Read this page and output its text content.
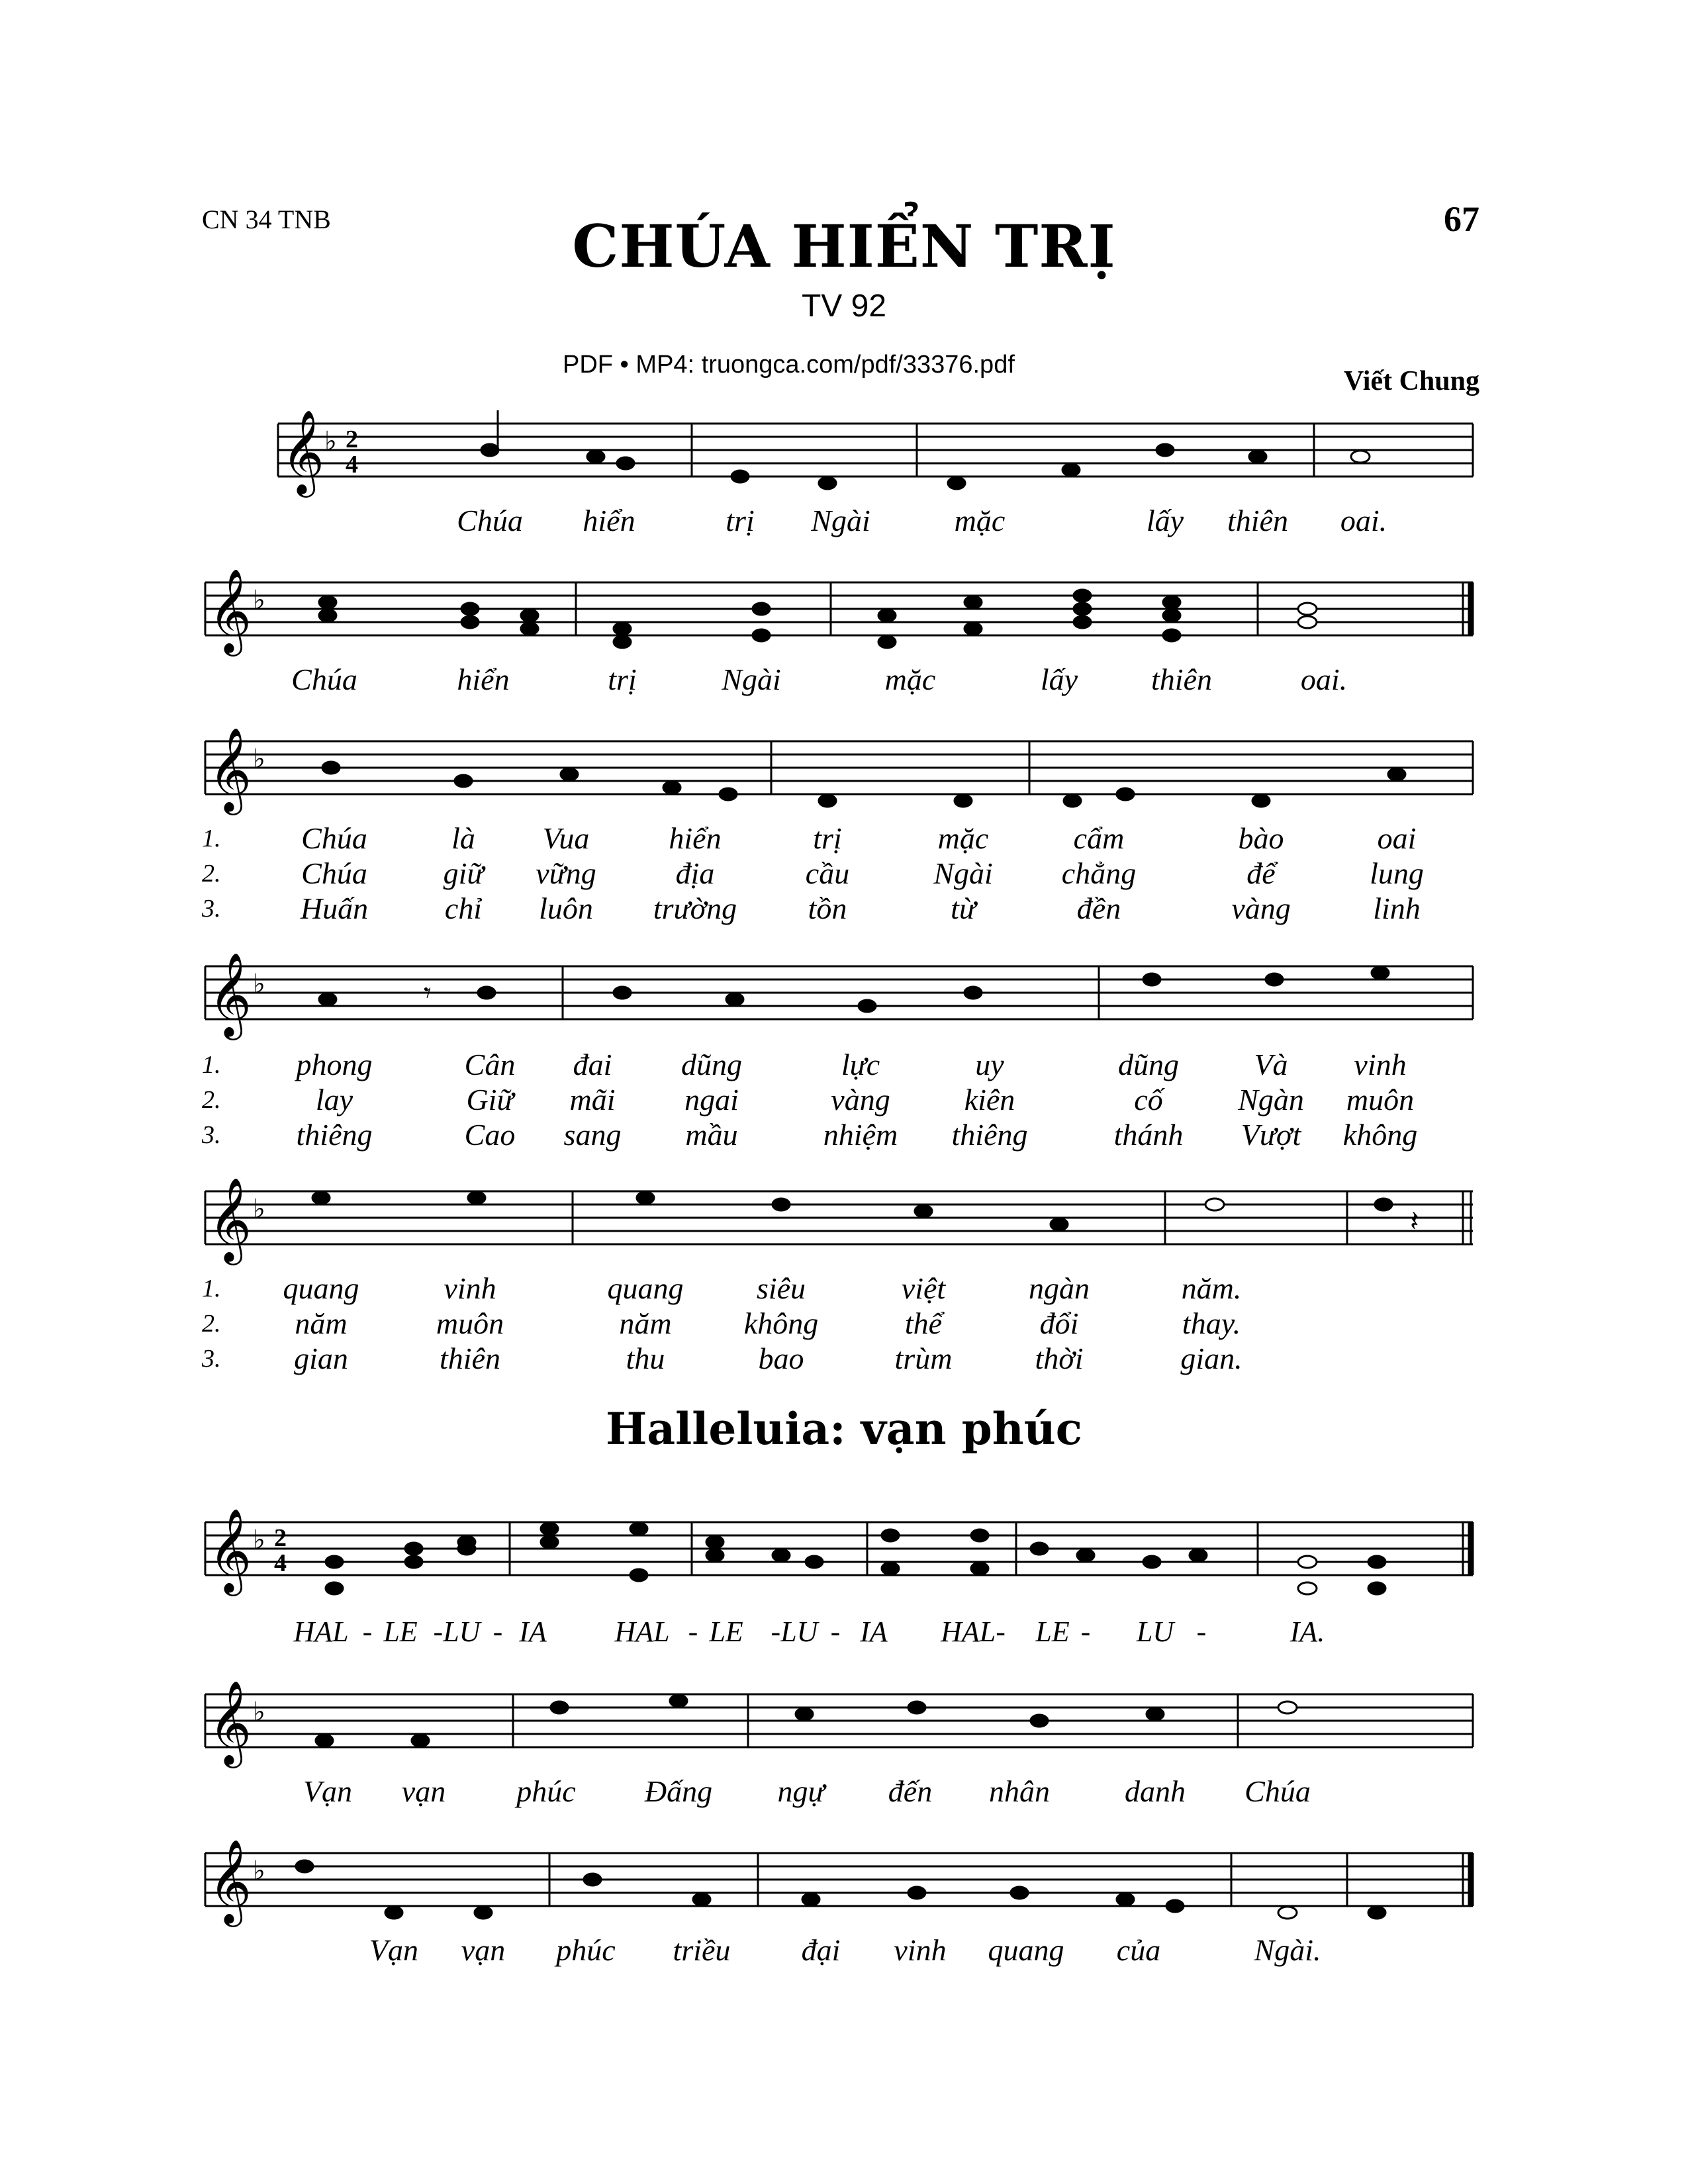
CN 34 TNB	67
CHÚA HIỂN TRỊ
TV 92
PDF • MP4: truongca.com/pdf/33376.pdf
Viết Chung
𝄞 ♭ 2
4
Chúa hiển	trị Ngài	mặc	lấy thiên oai.
𝄞 ♭
Chúa	hiển	trị	Ngài	mặc	lấy thiên	oai.
𝄞 ♭
1.
2.
3.
Chúa	là Vua	hiển	trị	mặc	cẩm	bào	oai
Chúa giữ vững	địa	cầu	Ngài chẳng	để	lung
Huấn	chỉ luôn trường tồn	từ	đền	vàng	linh
𝄞 ♭	𝄾
1.
2.
3.
phong	Cân đai dũng	lực	uy	dũng Và vinh
lay	Giữ mãi ngai	vàng kiên	cố Ngàn muôn
thiêng	Cao sang mầu	nhiệm thiêng	thánh Vượt không
𝄞 ♭	𝄽
1.
2.
3.
quang	vinh	quang siêu	việt	ngàn	năm.
năm	muôn	năm không	thể	đổi	thay.
gian	thiên	thu	bao	trùm	thời	gian.
Halleluia: vạn phúc
𝄞 ♭ 2
4
HAL - LE -LU - IA HAL - LE -LU - IA HAL- LE - LU -	IA.
𝄞 ♭
Vạn vạn phúc Đấng ngự đến nhân danh Chúa
𝄞 ♭
Vạn vạn phúc triều đại vinh quang của	Ngài.
